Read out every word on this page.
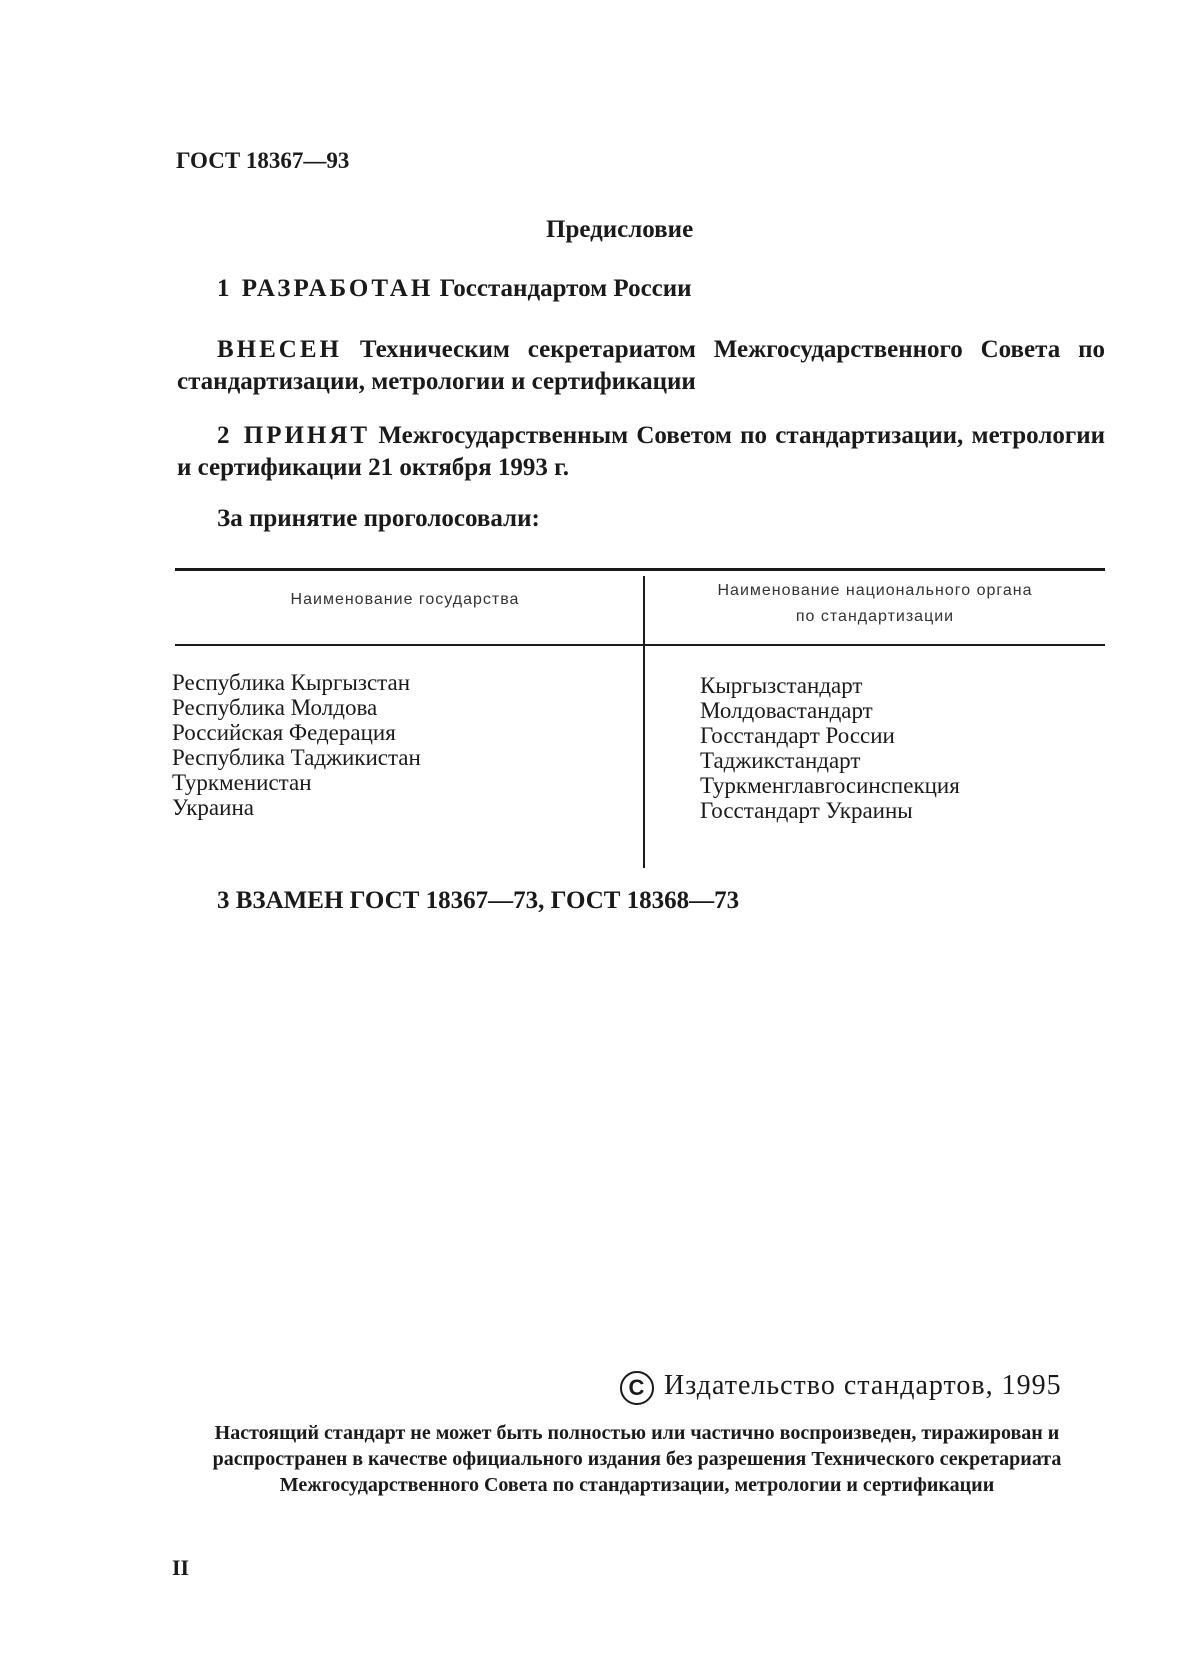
ГОСТ 18367—93
Предисловие
1 РАЗРАБОТАН Госстандартом России
ВНЕСЕН Техническим секретариатом Межгосударственного Совета по стандартизации, метрологии и сертификации
2 ПРИНЯТ Межгосударственным Советом по стандартизации, метрологии и сертификации 21 октября 1993 г.
За принятие проголосовали:
Наименование государства
Наименование национального органа
по стандартизации
Республика Кыргызстан
Республика Молдова
Российская Федерация
Республика Таджикистан
Туркменистан
Украина
Кыргызстандарт
Молдовастандарт
Госстандарт России
Таджикстандарт
Туркменглавгосинспекция
Госстандарт Украины
3 ВЗАМЕН ГОСТ 18367—73, ГОСТ 18368—73
С Издательство стандартов, 1995
Настоящий стандарт не может быть полностью или частично воспроизведен, тиражирован и распространен в качестве официального издания без разрешения Технического секретариата Межгосударственного Совета по стандартизации, метрологии и сертификации
II
